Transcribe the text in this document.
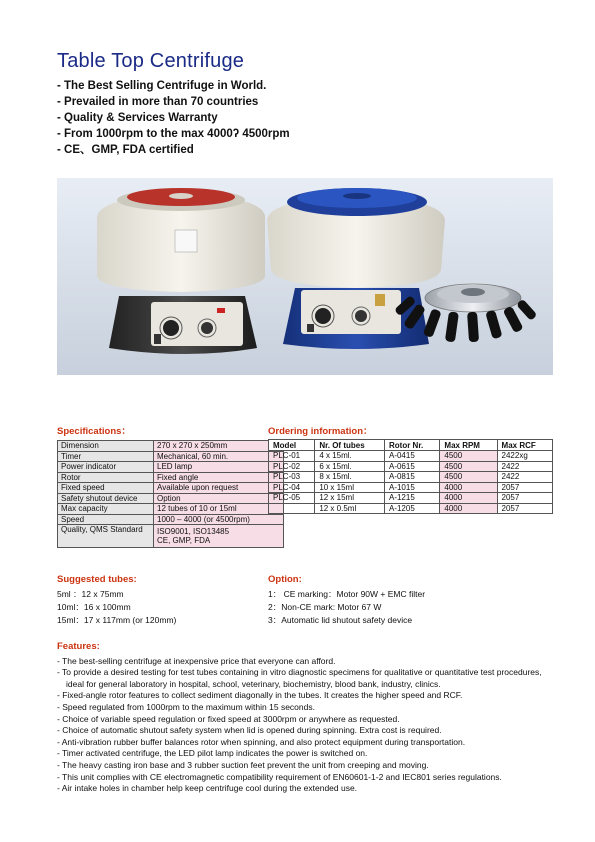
Table Top Centrifuge
- The Best Selling Centrifuge in World.
- Prevailed in more than 70 countries
- Quality & Services Warranty
- From 1000rpm to the max 4000ʔ 4500rpm
- CE、GMP, FDA certified
Specifications：
Dimension	270 x 270 x 250mm
Timer	Mechanical, 60 min.
Power indicator	LED lamp
Rotor	Fixed angle
Fixed speed	Available upon request
Safety shutout device	Option
Max capacity	12 tubes of 10 or 15ml
Speed	1000 – 4000 (or 4500rpm)
Quality, QMS Standard	ISO9001, ISO13485
CE, GMP, FDA
Ordering information：
Model	Nr. Of tubes	Rotor Nr.	Max RPM	Max RCF
PLC-01	4 x 15ml.	A-0415	4500	2422xg
PLC-02	6 x 15ml.	A-0615	4500	2422
PLC-03	8 x 15ml.	A-0815	4500	2422
PLC-04	10 x 15ml	A-1015	4000	2057
PLC-05	12 x 15ml	A-1215	4000	2057
	12 x 0.5ml	A-1205	4000	2057
Suggested tubes:
5ml ：12 x 75mm
10ml：16 x 100mm
15ml：17 x 117mm (or 120mm)
Option:
1： CE marking：Motor 90W + EMC filter
2：Non-CE mark: Motor 67 W
3：Automatic lid shutout safety device
Features:
- The best-selling centrifuge at inexpensive price that everyone can afford.
- To provide a desired testing for test tubes containing in vitro diagnostic specimens for qualitative or quantitative test procedures, ideal for general laboratory in hospital, school, veterinary, biochemistry, blood bank, industry, clinics.
- Fixed-angle rotor features to collect sediment diagonally in the tubes. It creates the higher speed and RCF.
- Speed regulated from 1000rpm to the maximum within 15 seconds.
- Choice of variable speed regulation or fixed speed at 3000rpm or anywhere as requested.
- Choice of automatic shutout safety system when lid is opened during spinning. Extra cost is required.
- Anti-vibration rubber buffer balances rotor when spinning, and also protect equipment during transportation.
- Timer activated centrifuge, the LED pilot lamp indicates the power is switched on.
- The heavy casting iron base and 3 rubber suction feet prevent the unit from creeping and moving.
- This unit complies with CE electromagnetic compatibility requirement of EN60601-1-2 and IEC801 series regulations.
- Air intake holes in chamber help keep centrifuge cool during the extended use.
